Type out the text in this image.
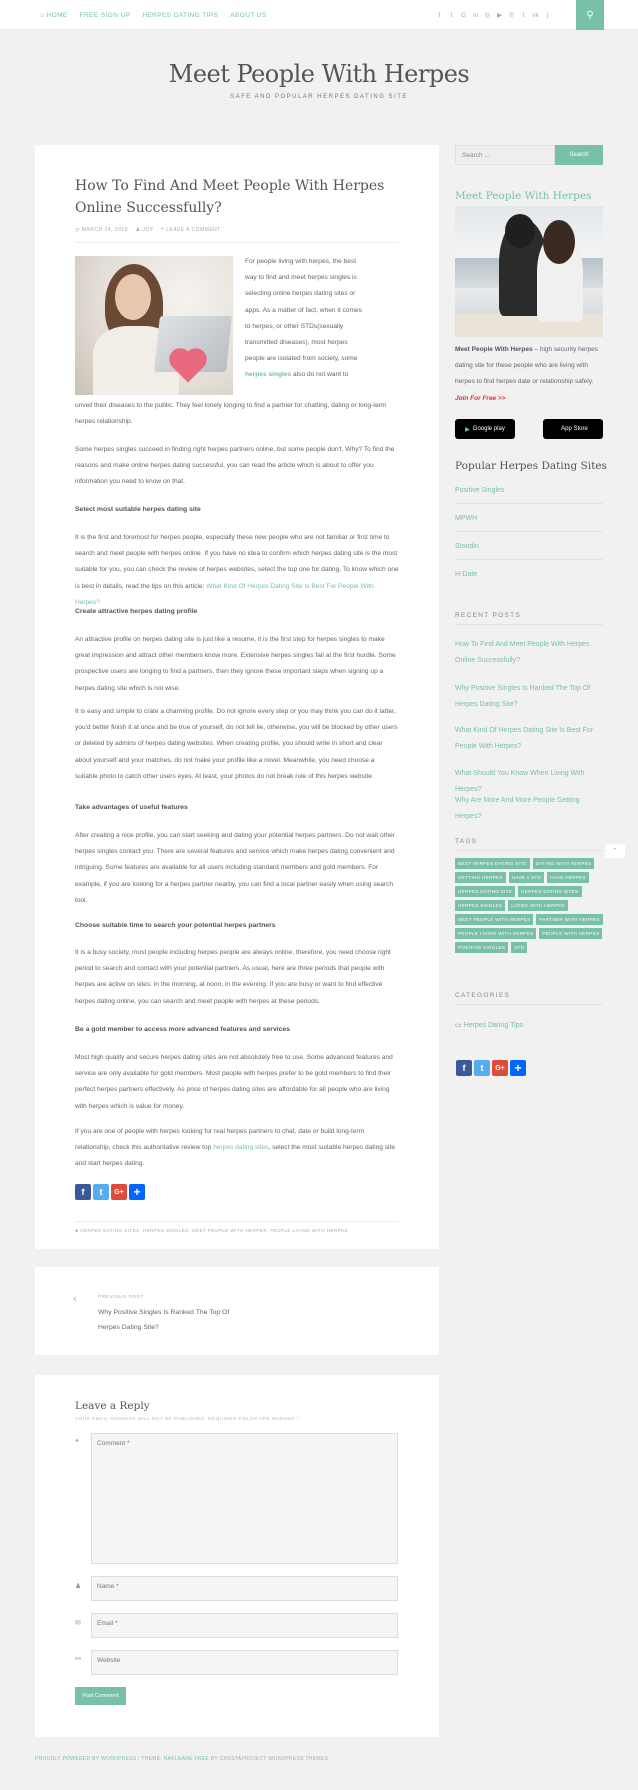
⌂ HOME FREE SIGN UP HERPES DATING TIPS ABOUT US	f	t	G in ◎ ▶ ℗	t	vk	)	⚲
Meet People With Herpes
SAFE AND POPULAR HERPES DATING SITE
How To Find And Meet People With Herpes Online Successfully?
◷ MARCH 24, 2019 ♟ JOY ❝ LEAVE A COMMENT
For people living with herpes, the best way to find and meet herpes singles is selecting online herpes dating sites or apps. As a matter of fact, when it comes to herpes, or other STDs(sexually transmitted diseases), most herpes people are isolated from society, some
herpes singles also do not want to
unveil their diseases to the public. They feel lonely longing to find a partner for chatting, dating or long-term herpes relationship.
Some herpes singles succeed in finding right herpes partners online, but some people don't. Why? To find the reasons and make online herpes dating successful, you can read the article which is about to offer you information you need to know on that.
Select most suitable herpes dating site
It is the first and foremost for herpes people, especially these new people who are not familiar or first time to search and meet people with herpes online. If you have no idea to confirm which herpes dating site is the most suitable for you, you can check the review of herpes websites, select the top one for dating. To know which one is best in details, read the tips on this article: What Kind Of Herpes Dating Site Is Best For People With Herpes?
Create attractive herpes dating profile
An attractive profile on herpes dating site is just like a resume, it is the first step for herpes singles to make great impression and attract other members know more. Extensive herpes singles fail at the first hurdle. Some prospective users are longing to find a partners, then they ignore these important steps when signing up a herpes dating site which is not wise.
It is easy and simple to crate a charming profile. Do not ignore every step or you may think you can do it latter, you'd better finish it at once and be true of yourself, do not tell lie, otherwise, you will be blocked by other users or deleted by admins of herpes dating websites. When creating profile, you should write in short and clear about yourself and your matches, do not make your profile like a novel. Meanwhile, you need choose a suitable photo to catch other users eyes. At least, your photos do not break rule of this herpes website.
Take advantages of useful features
After creating a nice profile, you can start seeking and dating your potential herpes partners. Do not wait other herpes singles contact you. There are several features and service which make herpes dating convenient and intriguing. Some features are available for all users including standard members and gold members. For example, if you are looking for a herpes partner nearby, you can find a local partner easily when using search tool.
Choose suitable time to search your potential herpes partners
It is a busy society, most people including herpes people are always online, therefore, you need choose right period to search and contact with your potential partners. As usual, here are three periods that people with herpes are active on sites: in the morning, at noon, in the evening. If you are busy or want to find effective herpes dating online, you can search and meet people with herpes at these periods.
Be a gold member to access more advanced features and services
Most high quality and secure herpes dating sites are not absolutely free to use. Some advanced features and service are only available for gold members. Most people with herpes prefer to be gold members to find their perfect herpes partners effectively. As price of herpes dating sites are affordable for all people who are living with herpes which is value for money.
If you are one of people with herpes looking for real herpes partners to chat, date or build long-term relationship, check this authoritative review top herpes dating sites, select the most suitable herpes dating site and start herpes dating.
f	t	G+ +
⬥ HERPES DATING SITES, HERPES SINGLES, MEET PEOPLE WITH HERPES, PEOPLE LIVING WITH HERPES
‹	PREVIOUS POST
Why Positive Singles Is Ranked The Top Of Herpes Dating Site?
Leave a Reply
YOUR EMAIL ADDRESS WILL NOT BE PUBLISHED. REQUIRED FIELDS ARE MARKED *
❝	Comment *
♟	Name *
✉	Email *
⚯	Website
Post Comment
PROUDLY POWERED BY WORDPRESS | THEME: NAKLEANE FREE BY CRESTAPROJECT WORDPRESS THEMES.
Search ...	Search
Meet People With Herpes
Meet People With Herpes – high security herpes dating site for these people who are living with herpes to find herpes date or relationship safely. Join For Free >>
▶ Google play	App Store
Popular Herpes Dating Sites
Positive Singles
MPWH
Stoodin
H-Date
RECENT POSTS
How To Find And Meet People With Herpes Online Successfully?
Why Positive Singles Is Ranked The Top Of Herpes Dating Site?
What Kind Of Herpes Dating Site Is Best For People With Herpes?
What Should You Know When Living With Herpes?
Why Are More And More People Getting Herpes?
TAGS
⌃
BEST HERPES DATING SITE	DATING WITH HERPES
GETTING HERPES	HAVE A STD	HAVE HERPES
HERPES DATING SITE	HERPES DATING SITES
HERPES SINGLES	LIVING WITH HERPES
MEET PEOPLE WITH HERPES	PARTNER WITH HERPES
PEOPLE LIVING WITH HERPES	PEOPLE WITH HERPES
POSITIVE SINGLES	STD
CATEGORIES
▭ Herpes Dating Tips
f	t	G+ +
